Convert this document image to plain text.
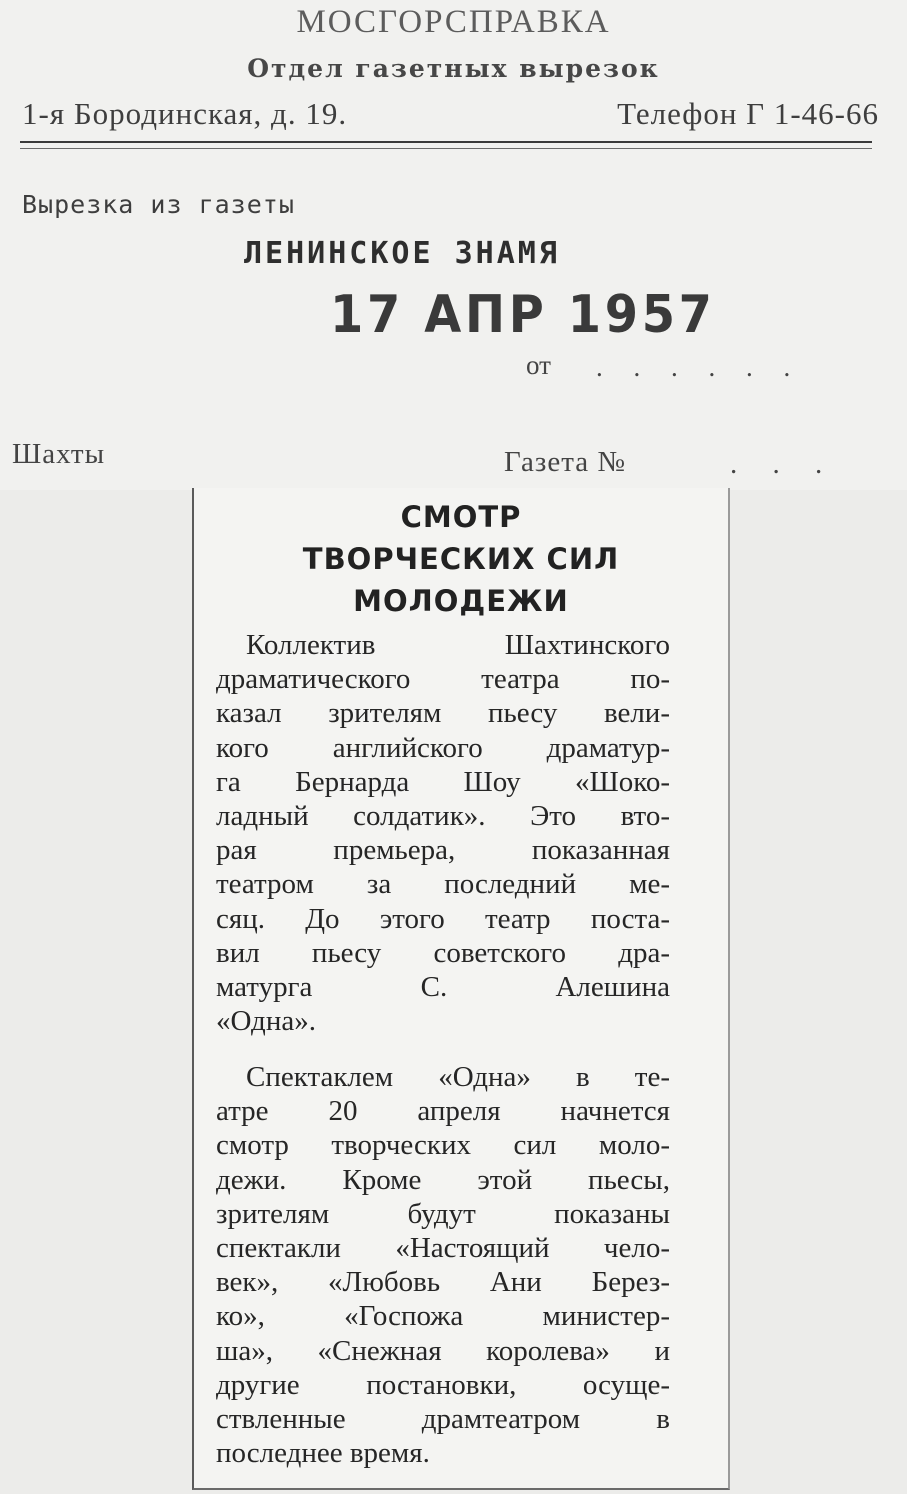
МОСГОРСПРАВКА
Отдел газетных вырезок
1-я Бородинская, д. 19.	Телефон Г 1-46-66
Вырезка из газеты
ЛЕНИНСКОЕ ЗНАМЯ
17 АПР 1957
от . . . . . .
Шахты	Газета №	. . .
СМОТР
ТВОРЧЕСКИХ СИЛ
МОЛОДЕЖИ
Коллектив Шахтинского
драматического театра по-
казал зрителям пьесу вели-
кого английского драматур-
га Бернарда Шоу «Шоко-
ладный солдатик». Это вто-
рая премьера, показанная
театром за последний ме-
сяц. До этого театр поста-
вил пьесу советского дра-
матурга С. Алешина
«Одна».
Спектаклем «Одна» в те-
атре 20 апреля начнется
смотр творческих сил моло-
дежи. Кроме этой пьесы,
зрителям будут показаны
спектакли «Настоящий чело-
век», «Любовь Ани Берез-
ко», «Госпожа министер-
ша», «Снежная королева» и
другие постановки, осуще-
ствленные драмтеатром в
последнее время.
